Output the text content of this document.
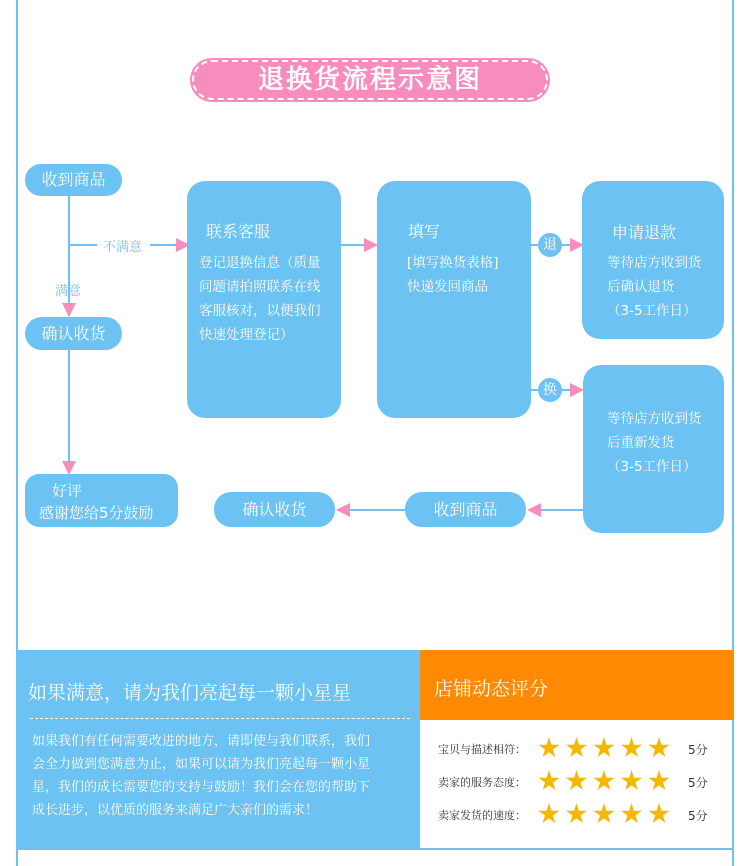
退换货流程示意图
收到商品
不满意
满意
确认收货
好评
感谢您给5分鼓励
联系客服
登记退换信息（质量
问题请拍照联系在线
客服核对，以便我们
快速处理登记）
填写
[填写换货表格]
快递发回商品
退
换
申请退款
等待店方收到货
后确认退货
（3-5工作日）
等待店方收到货
后重新发货
（3-5工作日）
收到商品
确认收货
如果满意，请为我们亮起每一颗小星星
如果我们有任何需要改进的地方，请即使与我们联系，我们
会全力做到您满意为止，如果可以请为我们亮起每一颗小星
星，我们的成长需要您的支持与鼓励！我们会在您的帮助下
成长进步，以优质的服务来满足广大亲们的需求！
店铺动态评分
宝贝与描述相符：	5分
卖家的服务态度：	5分
卖家发货的速度：	5分
